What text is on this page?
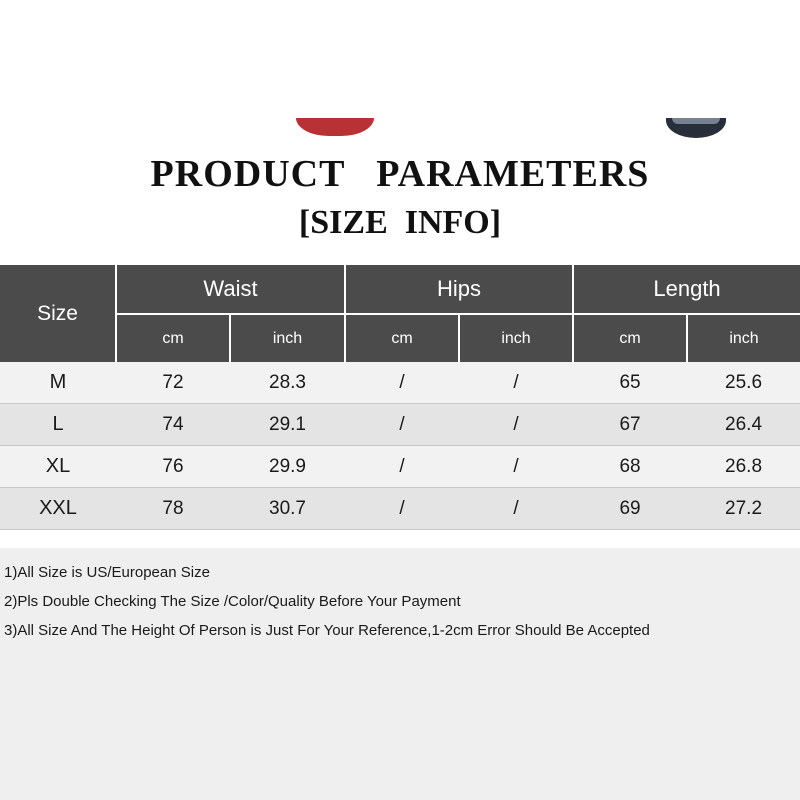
PRODUCT   PARAMETERS
[SIZE  INFO]
Size	Waist		Hips		Length	
	cm	inch	cm	inch	cm	inch
M	72	28.3	/	/	65	25.6
L	74	29.1	/	/	67	26.4
XL	76	29.9	/	/	68	26.8
XXL	78	30.7	/	/	69	27.2
1)All Size is US/European Size
2)Pls Double Checking The Size /Color/Quality Before Your Payment
3)All Size And The Height Of Person is Just For Your Reference,1-2cm Error Should Be Accepted
